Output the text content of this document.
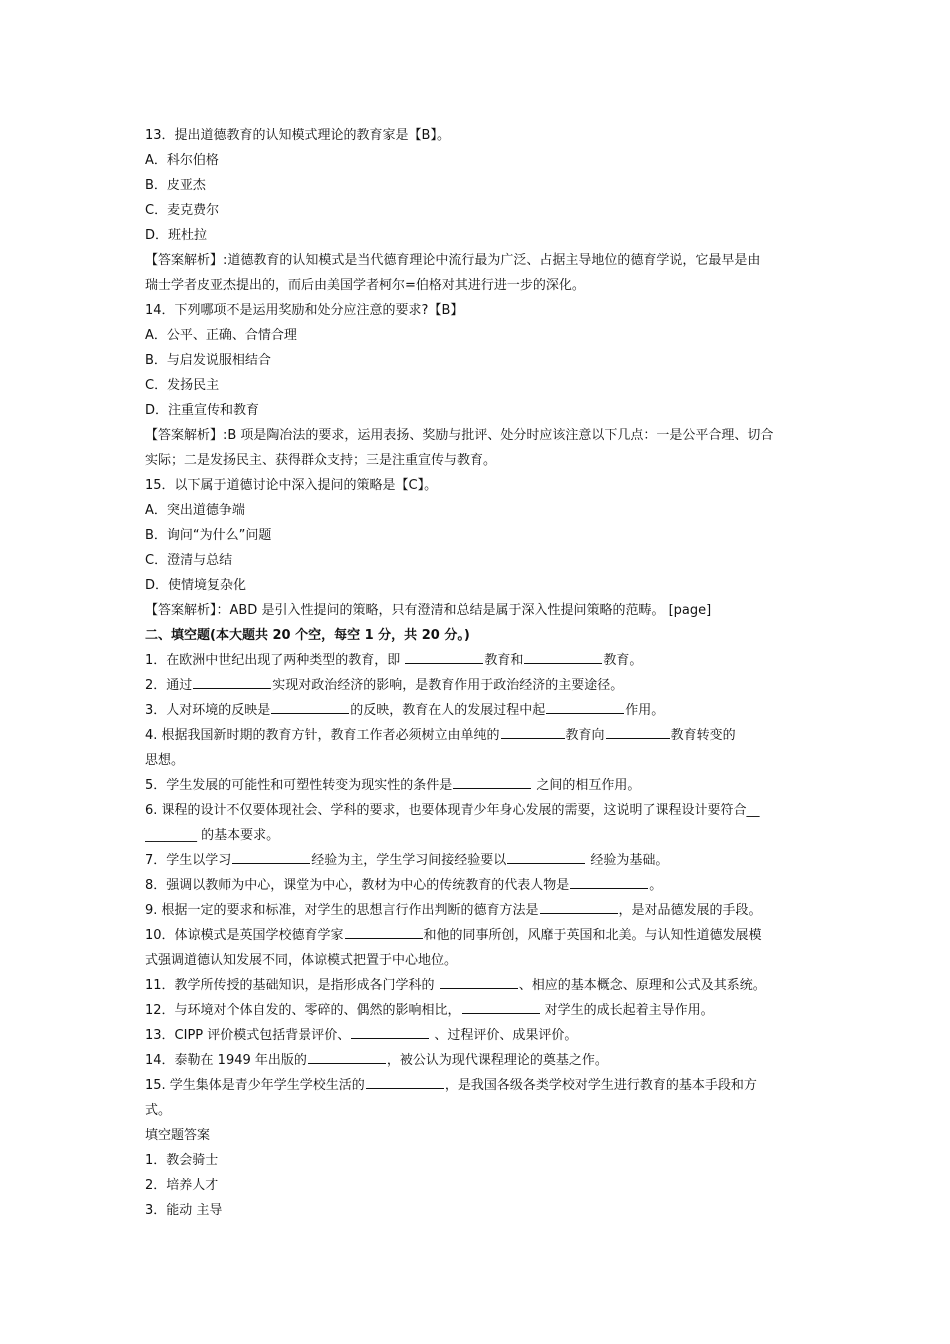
13．提出道德教育的认知模式理论的教育家是【B】。
A．科尔伯格
B．皮亚杰
C．麦克费尔
D．班杜拉
【答案解析】:道德教育的认知模式是当代德育理论中流行最为广泛、占据主导地位的德育学说，它最早是由
瑞士学者皮亚杰提出的，而后由美国学者柯尔=伯格对其进行进一步的深化。
14．下列哪项不是运用奖励和处分应注意的要求?【B】
A．公平、正确、合情合理
B．与启发说服相结合
C．发扬民主
D．注重宣传和教育
【答案解析】:B 项是陶冶法的要求，运用表扬、奖励与批评、处分时应该注意以下几点：一是公平合理、切合
实际；二是发扬民主、获得群众支持；三是注重宣传与教育。
15．以下属于道德讨论中深入提问的策略是【C】。
A．突出道德争端
B．询问“为什么”问题
C．澄清与总结
D．使情境复杂化
【答案解析】：ABD 是引入性提问的策略，只有澄清和总结是属于深入性提问策略的范畴。 [page]
二、填空题(本大题共 20 个空，每空 1 分，共 20 分。)
1．在欧洲中世纪出现了两种类型的教育，即	教育和	教育。
2．通过	实现对政治经济的影响，是教育作用于政治经济的主要途径。
3．人对环境的反映是	的反映，教育在人的发展过程中起	作用。
4. 根据我国新时期的教育方针，教育工作者必须树立由单纯的	教育向	教育转变的
思想。
5．学生发展的可能性和可塑性转变为现实性的条件是	之间的相互作用。
6. 课程的设计不仅要体现社会、学科的要求，也要体现青少年身心发展的需要，这说明了课程设计要符合__
________ 的基本要求。
7．学生以学习	经验为主，学生学习间接经验要以	经验为基础。
8．强调以教师为中心，课堂为中心，教材为中心的传统教育的代表人物是	。
9. 根据一定的要求和标准，对学生的思想言行作出判断的德育方法是	，是对品德发展的手段。
10．体谅模式是英国学校德育学家	和他的同事所创，风靡于英国和北美。与认知性道德发展模
式强调道德认知发展不同，体谅模式把置于中心地位。
11．教学所传授的基础知识，是指形成各门学科的	、相应的基本概念、原理和公式及其系统。
12．与环境对个体自发的、零碎的、偶然的影响相比，	对学生的成长起着主导作用。
13．CIPP 评价模式包括背景评价、	、过程评价、成果评价。
14．泰勒在 1949 年出版的	，被公认为现代课程理论的奠基之作。
15. 学生集体是青少年学生学校生活的	，是我国各级各类学校对学生进行教育的基本手段和方
式。
填空题答案
1．教会骑士
2．培养人才
3．能动 主导
